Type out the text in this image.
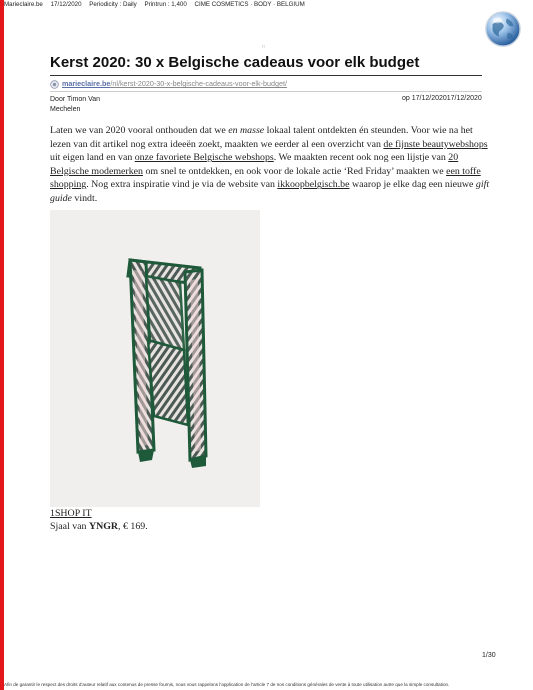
Marieclaire.be 17/12/2020 Periodicity : Daily Printrun : 1,400 CIME COSMETICS · BODY · BELGIUM
□
Kerst 2020: 30 x Belgische cadeaus voor elk budget
marieclaire.be/nl/kerst-2020-30-x-belgische-cadeaus-voor-elk-budget/
Door Timon Van
Mechelen
op 17/12/202017/12/2020
Laten we van 2020 vooral onthouden dat we en masse lokaal talent ontdekten én steunden. Voor wie na het lezen van dit artikel nog extra ideeën zoekt, maakten we eerder al een overzicht van de fijnste beautywebshops uit eigen land en van onze favoriete Belgische webshops. We maakten recent ook nog een lijstje van 20 Belgische modemerken om snel te ontdekken, en ook voor de lokale actie ‘Red Friday’ maakten we een toffe shopping. Nog extra inspiratie vind je via de website van ikkoopbelgisch.be waarop je elke dag een nieuwe gift guide vindt.
1SHOP IT
Sjaal van YNGR, € 169.
1/30
Afin de garantir le respect des droits d’auteur relatif aux contenus de presse fournis, nous vous rappelons l’application de l’article 7 de nos conditions générales de vente à toute utilisation autre que la simple consultation.
